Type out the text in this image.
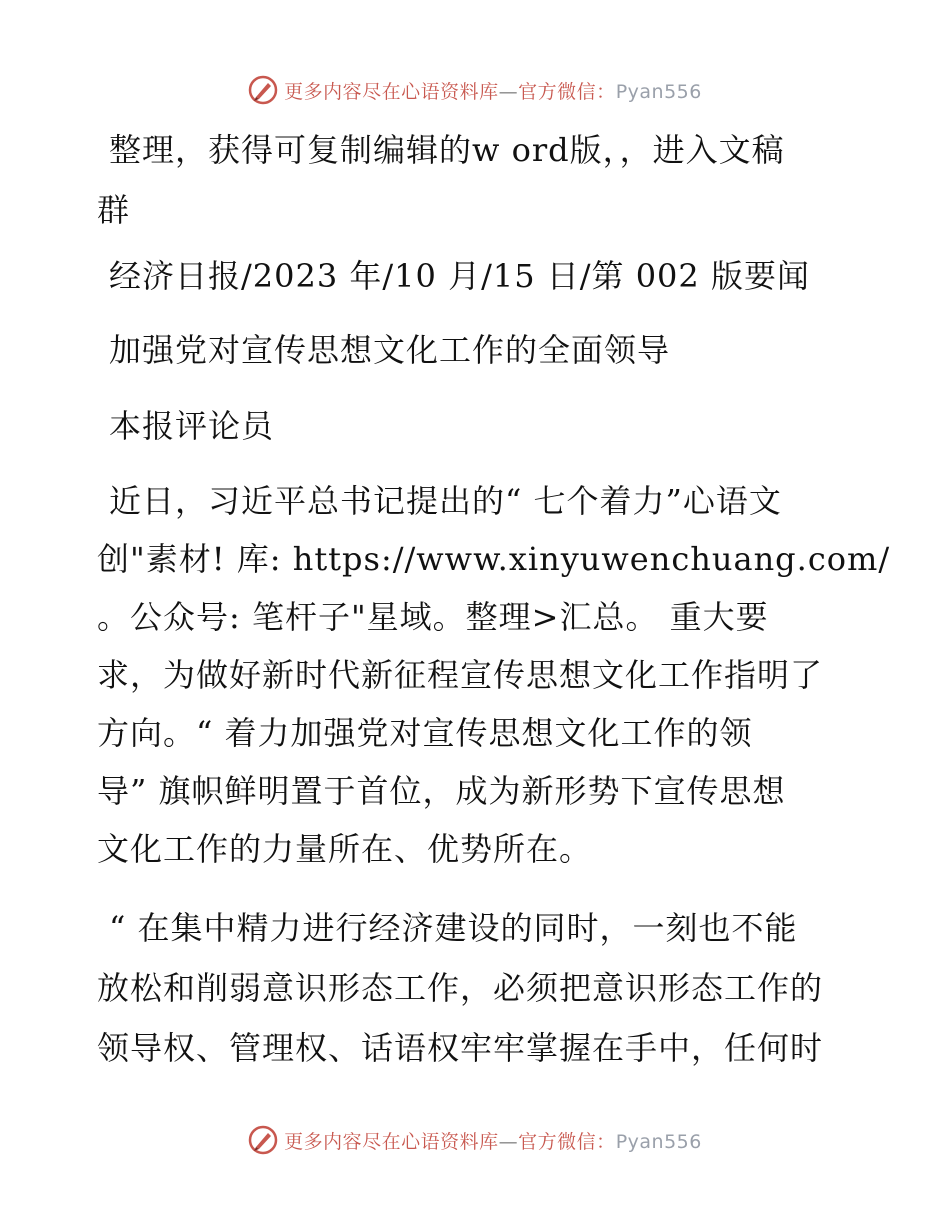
更多内容尽在心语资料库—官方微信：Pyan556
整理，获得可复制编辑的w ord版，，进入文稿
群
经济日报/2023 年/10 月/15 日/第 002 版要闻
加强党对宣传思想文化工作的全面领导
本报评论员
近日，习近平总书记提出的“ 七个着力”心语文
创"素材! 库: https://www.xinyuwenchuang.com/
。公众号: 笔杆子"星域。整理>汇总。 重大要
求，为做好新时代新征程宣传思想文化工作指明了
方向。“ 着力加强党对宣传思想文化工作的领
导” 旗帜鲜明置于首位，成为新形势下宣传思想
文化工作的力量所在、优势所在。
“ 在集中精力进行经济建设的同时，一刻也不能
放松和削弱意识形态工作，必须把意识形态工作的
领导权、管理权、话语权牢牢掌握在手中，任何时
更多内容尽在心语资料库—官方微信：Pyan556
